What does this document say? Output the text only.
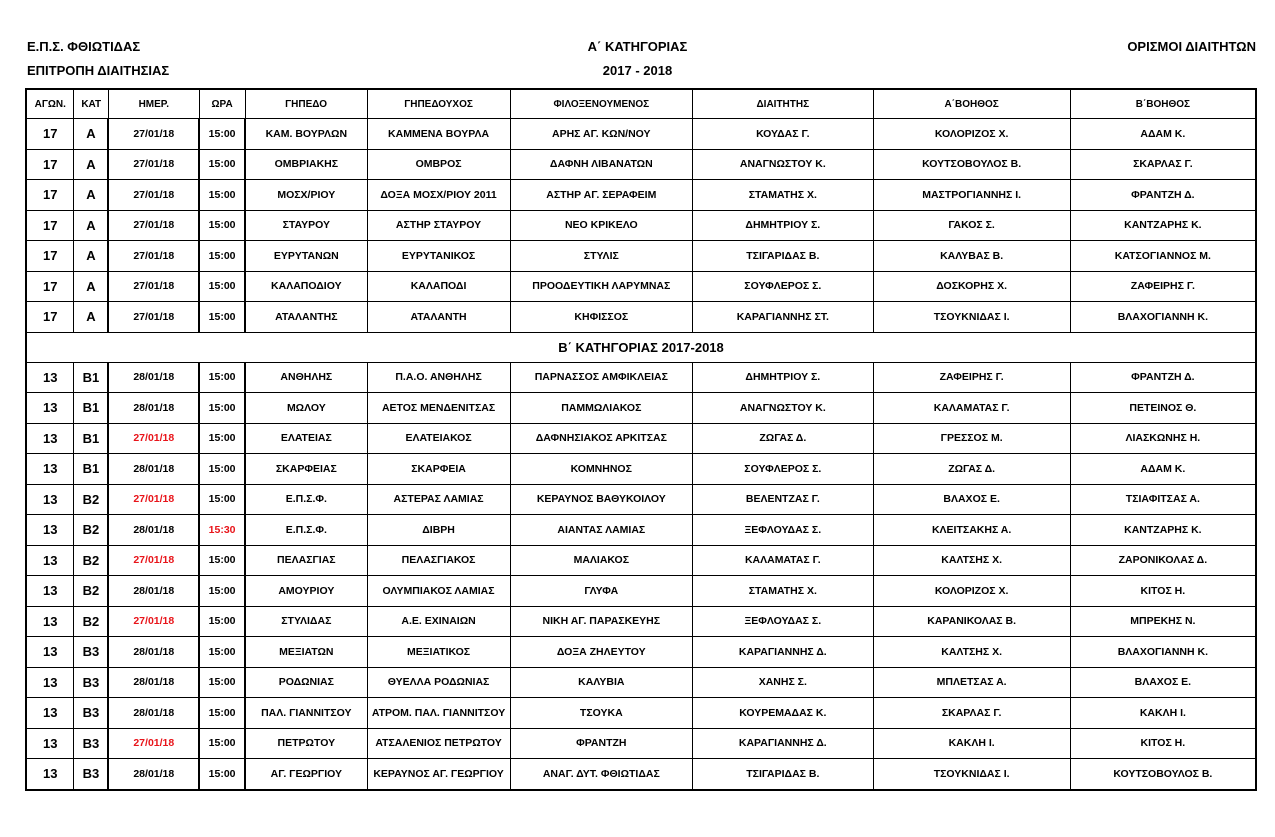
Ε.Π.Σ. ΦΘΙΩΤΙΔΑΣ
ΕΠΙΤΡΟΠΗ ΔΙΑΙΤΗΣΙΑΣ
Α΄ ΚΑΤΗΓΟΡΙΑΣ
2017 - 2018
ΟΡΙΣΜΟΙ ΔΙΑΙΤΗΤΩΝ
ΑΓΩΝ.	ΚΑΤ	ΗΜΕΡ.	ΩΡΑ	ΓΗΠΕΔΟ	ΓΗΠΕΔΟΥΧΟΣ	ΦΙΛΟΞΕΝΟΥΜΕΝΟΣ	ΔΙΑΙΤΗΤΗΣ	Α΄ΒΟΗΘΟΣ	Β΄ΒΟΗΘΟΣ
17	Α	27/01/18	15:00	ΚΑΜ. ΒΟΥΡΛΩΝ	ΚΑΜΜΕΝΑ ΒΟΥΡΛΑ	ΑΡΗΣ ΑΓ. ΚΩΝ/ΝΟΥ	ΚΟΥΔΑΣ Γ.	ΚΟΛΟΡΙΖΟΣ Χ.	ΑΔΑΜ Κ.
17	Α	27/01/18	15:00	ΟΜΒΡΙΑΚΗΣ	ΟΜΒΡΟΣ	ΔΑΦΝΗ ΛΙΒΑΝΑΤΩΝ	ΑΝΑΓΝΩΣΤΟΥ Κ.	ΚΟΥΤΣΟΒΟΥΛΟΣ Β.	ΣΚΑΡΛΑΣ Γ.
17	Α	27/01/18	15:00	ΜΟΣΧ/ΡΙΟΥ	ΔΟΞΑ ΜΟΣΧ/ΡΙΟΥ 2011	ΑΣΤΗΡ ΑΓ. ΣΕΡΑΦΕΙΜ	ΣΤΑΜΑΤΗΣ Χ.	ΜΑΣΤΡΟΓΙΑΝΝΗΣ Ι.	ΦΡΑΝΤΖΗ Δ.
17	Α	27/01/18	15:00	ΣΤΑΥΡΟΥ	ΑΣΤΗΡ ΣΤΑΥΡΟΥ	ΝΕΟ ΚΡΙΚΕΛΟ	ΔΗΜΗΤΡΙΟΥ Σ.	ΓΑΚΟΣ Σ.	ΚΑΝΤΖΑΡΗΣ Κ.
17	Α	27/01/18	15:00	ΕΥΡΥΤΑΝΩΝ	ΕΥΡΥΤΑΝΙΚΟΣ	ΣΤΥΛΙΣ	ΤΣΙΓΑΡΙΔΑΣ Β.	ΚΑΛΥΒΑΣ Β.	ΚΑΤΣΟΓΙΑΝΝΟΣ Μ.
17	Α	27/01/18	15:00	ΚΑΛΑΠΟΔΙΟΥ	ΚΑΛΑΠΟΔΙ	ΠΡΟΟΔΕΥΤΙΚΗ ΛΑΡΥΜΝΑΣ	ΣΟΥΦΛΕΡΟΣ Σ.	ΔΟΣΚΟΡΗΣ Χ.	ΖΑΦΕΙΡΗΣ Γ.
17	Α	27/01/18	15:00	ΑΤΑΛΑΝΤΗΣ	ΑΤΑΛΑΝΤΗ	ΚΗΦΙΣΣΟΣ	ΚΑΡΑΓΙΑΝΝΗΣ ΣΤ.	ΤΣΟΥΚΝΙΔΑΣ Ι.	ΒΛΑΧΟΓΙΑΝΝΗ Κ.
Β΄ ΚΑΤΗΓΟΡΙΑΣ 2017-2018									
13	Β1	28/01/18	15:00	ΑΝΘΗΛΗΣ	Π.Α.Ο. ΑΝΘΗΛΗΣ	ΠΑΡΝΑΣΣΟΣ ΑΜΦΙΚΛΕΙΑΣ	ΔΗΜΗΤΡΙΟΥ Σ.	ΖΑΦΕΙΡΗΣ Γ.	ΦΡΑΝΤΖΗ Δ.
13	Β1	28/01/18	15:00	ΜΩΛΟΥ	ΑΕΤΟΣ ΜΕΝΔΕΝΙΤΣΑΣ	ΠΑΜΜΩΛΙΑΚΟΣ	ΑΝΑΓΝΩΣΤΟΥ Κ.	ΚΑΛΑΜΑΤΑΣ Γ.	ΠΕΤΕΙΝΟΣ Θ.
13	Β1	27/01/18	15:00	ΕΛΑΤΕΙΑΣ	ΕΛΑΤΕΙΑΚΟΣ	ΔΑΦΝΗΣΙΑΚΟΣ ΑΡΚΙΤΣΑΣ	ΖΩΓΑΣ Δ.	ΓΡΕΣΣΟΣ Μ.	ΛΙΑΣΚΩΝΗΣ Η.
13	Β1	28/01/18	15:00	ΣΚΑΡΦΕΙΑΣ	ΣΚΑΡΦΕΙΑ	ΚΟΜΝΗΝΟΣ	ΣΟΥΦΛΕΡΟΣ Σ.	ΖΩΓΑΣ Δ.	ΑΔΑΜ Κ.
13	Β2	27/01/18	15:00	Ε.Π.Σ.Φ.	ΑΣΤΕΡΑΣ ΛΑΜΙΑΣ	ΚΕΡΑΥΝΟΣ ΒΑΘΥΚΟΙΛΟΥ	ΒΕΛΕΝΤΖΑΣ Γ.	ΒΛΑΧΟΣ Ε.	ΤΣΙΑΦΙΤΣΑΣ Α.
13	Β2	28/01/18	15:30	Ε.Π.Σ.Φ.	ΔΙΒΡΗ	ΑΙΑΝΤΑΣ ΛΑΜΙΑΣ	ΞΕΦΛΟΥΔΑΣ Σ.	ΚΛΕΙΤΣΑΚΗΣ Α.	ΚΑΝΤΖΑΡΗΣ Κ.
13	Β2	27/01/18	15:00	ΠΕΛΑΣΓΙΑΣ	ΠΕΛΑΣΓΙΑΚΟΣ	ΜΑΛΙΑΚΟΣ	ΚΑΛΑΜΑΤΑΣ Γ.	ΚΑΛΤΣΗΣ Χ.	ΖΑΡΟΝΙΚΟΛΑΣ Δ.
13	Β2	28/01/18	15:00	ΑΜΟΥΡΙΟΥ	ΟΛΥΜΠΙΑΚΟΣ ΛΑΜΙΑΣ	ΓΛΥΦΑ	ΣΤΑΜΑΤΗΣ Χ.	ΚΟΛΟΡΙΖΟΣ Χ.	ΚΙΤΟΣ Η.
13	Β2	27/01/18	15:00	ΣΤΥΛΙΔΑΣ	Α.Ε. ΕΧΙΝΑΙΩΝ	ΝΙΚΗ ΑΓ. ΠΑΡΑΣΚΕΥΗΣ	ΞΕΦΛΟΥΔΑΣ Σ.	ΚΑΡΑΝΙΚΟΛΑΣ Β.	ΜΠΡΕΚΗΣ Ν.
13	Β3	28/01/18	15:00	ΜΕΞΙΑΤΩΝ	ΜΕΞΙΑΤΙΚΟΣ	ΔΟΞΑ ΖΗΛΕΥΤΟΥ	ΚΑΡΑΓΙΑΝΝΗΣ Δ.	ΚΑΛΤΣΗΣ Χ.	ΒΛΑΧΟΓΙΑΝΝΗ Κ.
13	Β3	28/01/18	15:00	ΡΟΔΩΝΙΑΣ	ΘΥΕΛΛΑ ΡΟΔΩΝΙΑΣ	ΚΑΛΥΒΙΑ	ΧΑΝΗΣ Σ.	ΜΠΛΕΤΣΑΣ Α.	ΒΛΑΧΟΣ Ε.
13	Β3	28/01/18	15:00	ΠΑΛ. ΓΙΑΝΝΙΤΣΟΥ	ΑΤΡΟΜ. ΠΑΛ. ΓΙΑΝΝΙΤΣΟΥ	ΤΣΟΥΚΑ	ΚΟΥΡΕΜΑΔΑΣ Κ.	ΣΚΑΡΛΑΣ Γ.	ΚΑΚΛΗ Ι.
13	Β3	27/01/18	15:00	ΠΕΤΡΩΤΟΥ	ΑΤΣΑΛΕΝΙΟΣ ΠΕΤΡΩΤΟΥ	ΦΡΑΝΤΖΗ	ΚΑΡΑΓΙΑΝΝΗΣ Δ.	ΚΑΚΛΗ Ι.	ΚΙΤΟΣ Η.
13	Β3	28/01/18	15:00	ΑΓ. ΓΕΩΡΓΙΟΥ	ΚΕΡΑΥΝΟΣ ΑΓ. ΓΕΩΡΓΙΟΥ	ΑΝΑΓ. ΔΥΤ. ΦΘΙΩΤΙΔΑΣ	ΤΣΙΓΑΡΙΔΑΣ Β.	ΤΣΟΥΚΝΙΔΑΣ Ι.	ΚΟΥΤΣΟΒΟΥΛΟΣ Β.
